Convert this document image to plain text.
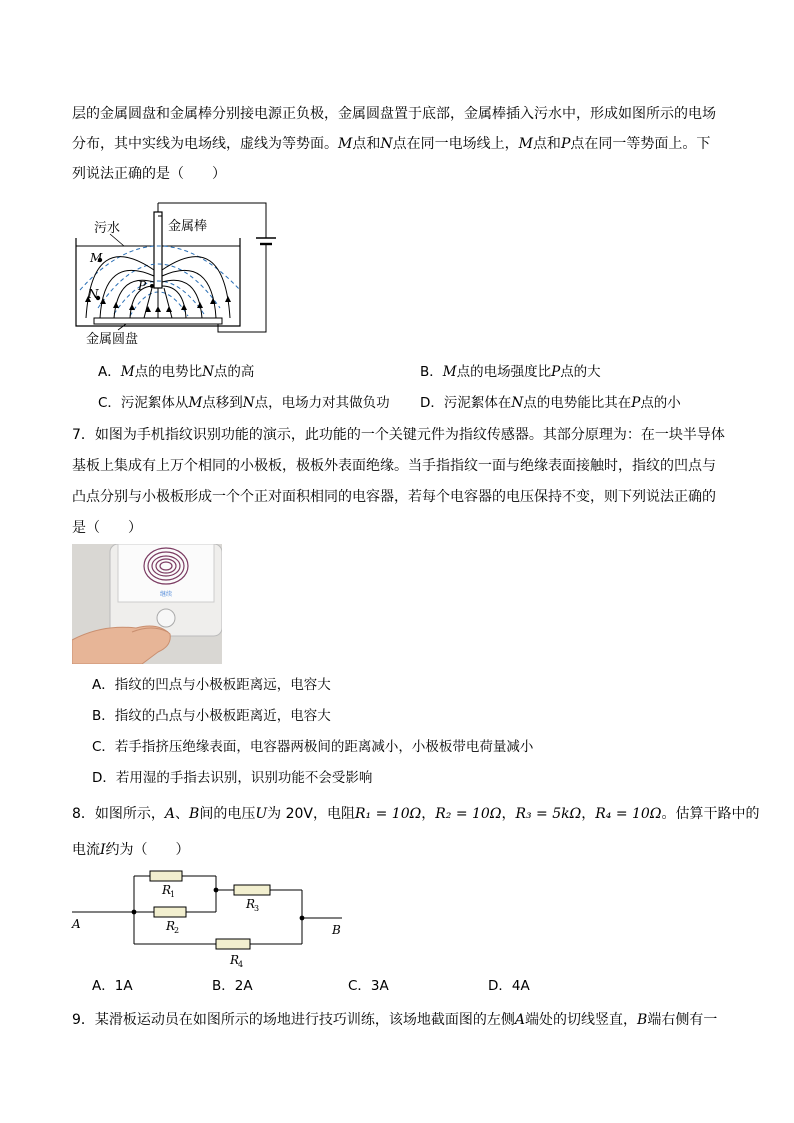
层的金属圆盘和金属棒分别接电源正负极，金属圆盘置于底部，金属棒插入污水中，形成如图所示的电场
分布，其中实线为电场线，虚线为等势面。M点和N点在同一电场线上，M点和P点在同一等势面上。下
列说法正确的是（　　）
污水	金属棒
M
N
P
金属圆盘
A．M点的电势比N点的高	B．M点的电场强度比P点的大
C．污泥絮体从M点移到N点，电场力对其做负功 D．污泥絮体在N点的电势能比其在P点的小
7．如图为手机指纹识别功能的演示，此功能的一个关键元件为指纹传感器。其部分原理为：在一块半导体
基板上集成有上万个相同的小极板，极板外表面绝缘。当手指指纹一面与绝缘表面接触时，指纹的凹点与
凸点分别与小极板形成一个个正对面积相同的电容器，若每个电容器的电压保持不变，则下列说法正确的
是（　　）
继续
A．指纹的凹点与小极板距离远，电容大
B．指纹的凸点与小极板距离近，电容大
C．若手指挤压绝缘表面，电容器两极间的距离减小，小极板带电荷量减小
D．若用湿的手指去识别，识别功能不会受影响
8．如图所示，A、B间的电压U为 20V，电阻R₁ = 10Ω，R₂ = 10Ω，R₃ = 5kΩ，R₄ = 10Ω。估算干路中的
电流I约为（　　）
A	B
R
R
R
R
1
2
3
4
A．1A	B．2A	C．3A	D．4A
9．某滑板运动员在如图所示的场地进行技巧训练，该场地截面图的左侧A端处的切线竖直，B端右侧有一
